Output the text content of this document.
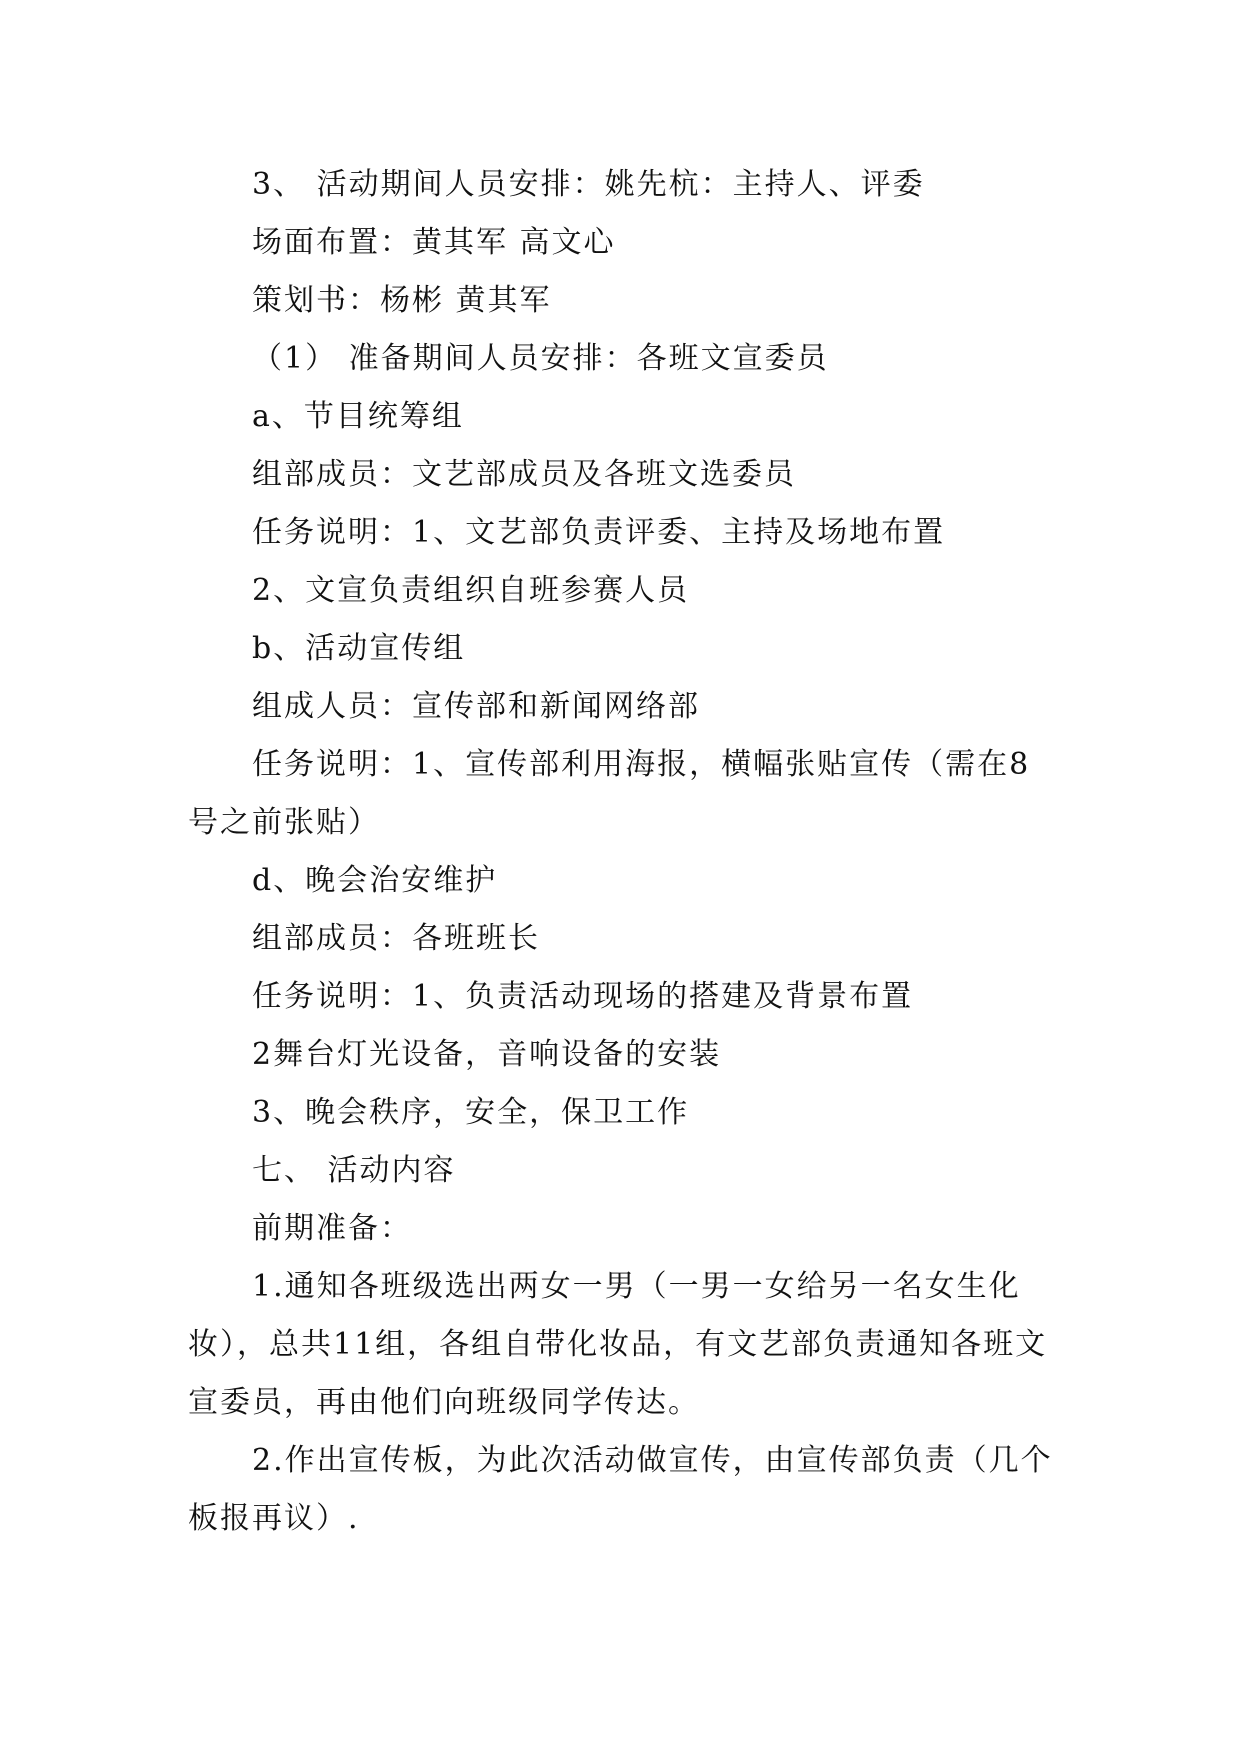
3、 活动期间人员安排：姚先杭：主持人、评委

场面布置：黄其军 高文心

策划书：杨彬 黄其军

（1） 准备期间人员安排：各班文宣委员

a、节目统筹组

组部成员：文艺部成员及各班文选委员

任务说明：1、文艺部负责评委、主持及场地布置

2、文宣负责组织自班参赛人员

b、活动宣传组

组成人员：宣传部和新闻网络部

任务说明：1、宣传部利用海报，横幅张贴宣传（需在8号之前张贴）

d、晚会治安维护

组部成员：各班班长

任务说明：1、负责活动现场的搭建及背景布置

2舞台灯光设备，音响设备的安装

3、晚会秩序，安全，保卫工作

七、 活动内容

前期准备：

1.通知各班级选出两女一男（一男一女给另一名女生化妆），总共11组，各组自带化妆品，有文艺部负责通知各班文宣委员，再由他们向班级同学传达。

2.作出宣传板，为此次活动做宣传，由宣传部负责（几个板报再议）.
